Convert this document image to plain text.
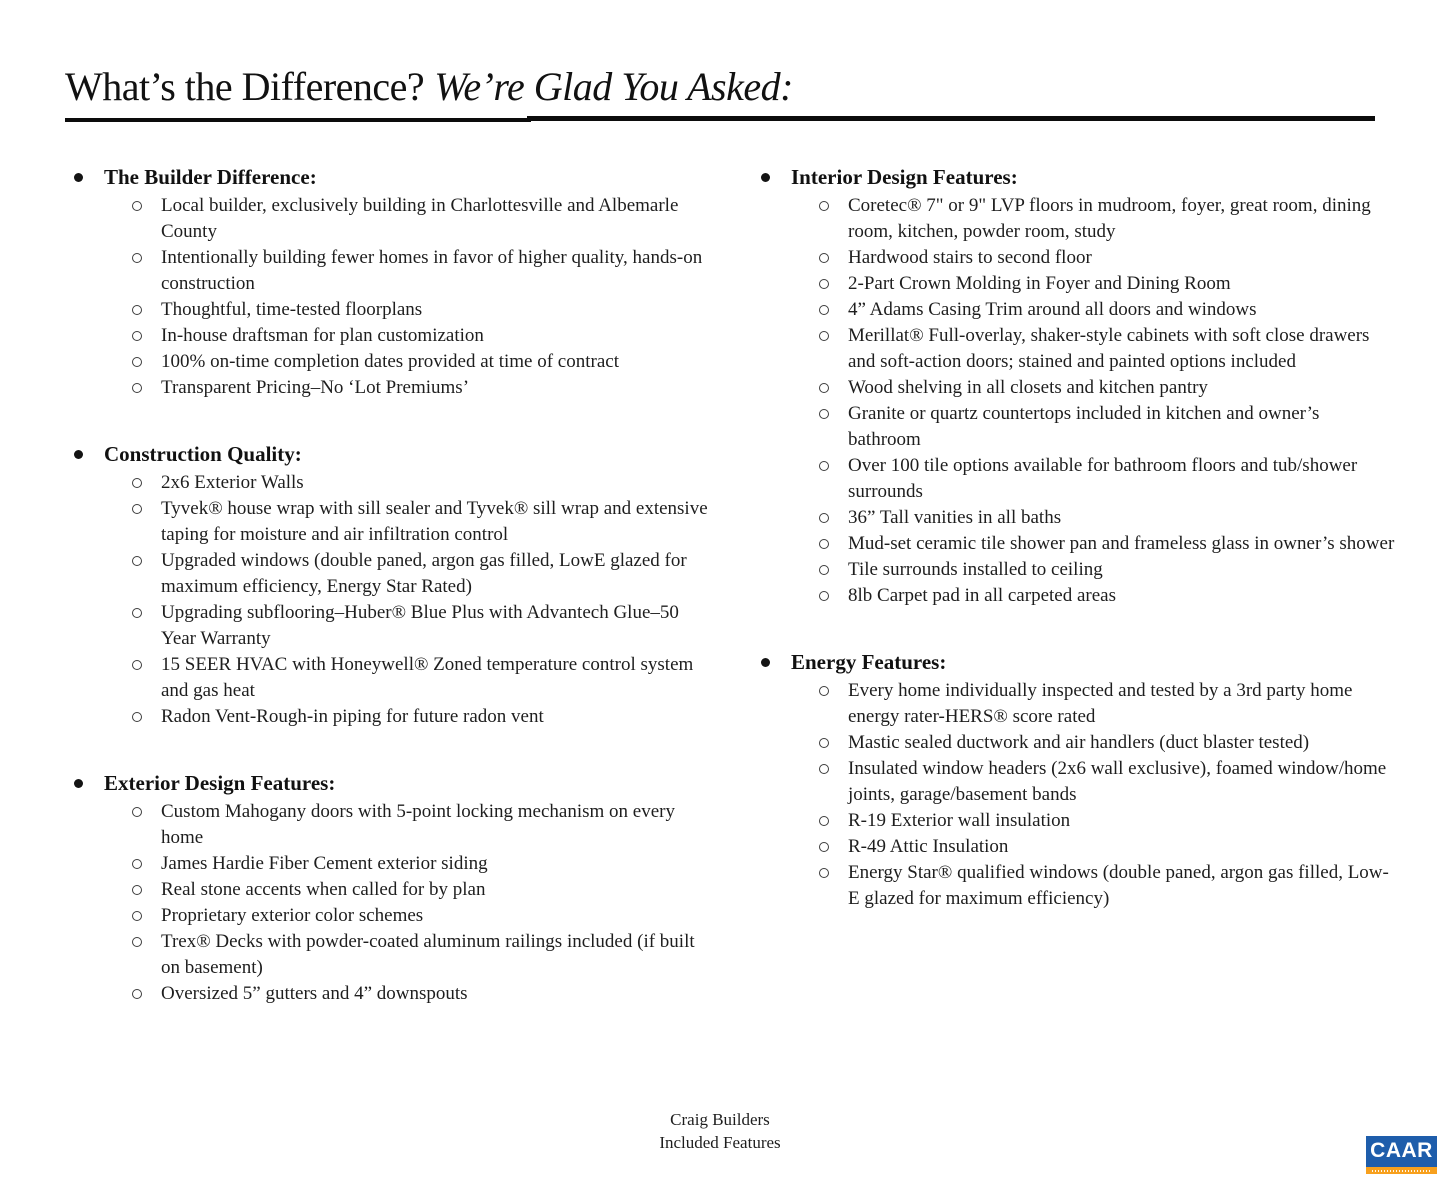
What’s the Difference? We’re Glad You Asked:
The Builder Difference:

Local builder, exclusively building in Charlottesville and Albemarle County

Intentionally building fewer homes in favor of higher quality, hands-on construction

Thoughtful, time-tested floorplans

In-house draftsman for plan customization

100% on-time completion dates provided at time of contract

Transparent Pricing–No ‘Lot Premiums’

Construction Quality:

2x6 Exterior Walls

Tyvek® house wrap with sill sealer and Tyvek® sill wrap and extensive taping for moisture and air infiltration control

Upgraded windows (double paned, argon gas filled, LowE glazed for maximum efficiency, Energy Star Rated)

Upgrading subflooring–Huber® Blue Plus with Advantech Glue–50 Year Warranty

15 SEER HVAC with Honeywell® Zoned temperature control system and gas heat

Radon Vent-Rough-in piping for future radon vent

Exterior Design Features:

Custom Mahogany doors with 5-point locking mechanism on every home

James Hardie Fiber Cement exterior siding

Real stone accents when called for by plan

Proprietary exterior color schemes

Trex® Decks with powder-coated aluminum railings included (if built on basement)

Oversized 5” gutters and 4” downspouts

Interior Design Features:

Coretec® 7" or 9" LVP floors in mudroom, foyer, great room, dining room, kitchen, powder room, study

Hardwood stairs to second floor

2-Part Crown Molding in Foyer and Dining Room

4” Adams Casing Trim around all doors and windows

Merillat® Full-overlay, shaker-style cabinets with soft close drawers and soft-action doors; stained and painted options included

Wood shelving in all closets and kitchen pantry

Granite or quartz countertops included in kitchen and owner’s bathroom

Over 100 tile options available for bathroom floors and tub/shower surrounds

36” Tall vanities in all baths

Mud-set ceramic tile shower pan and frameless glass in owner’s shower

Tile surrounds installed to ceiling

8lb Carpet pad in all carpeted areas

Energy Features:

Every home individually inspected and tested by a 3rd party home energy rater-HERS® score rated

Mastic sealed ductwork and air handlers (duct blaster tested)

Insulated window headers (2x6 wall exclusive), foamed window/home joints, garage/basement bands

R-19 Exterior wall insulation

R-49 Attic Insulation

Energy Star® qualified windows (double paned, argon gas filled, Low-E glazed for maximum efficiency)

Craig Builders

Included Features	CAAR
